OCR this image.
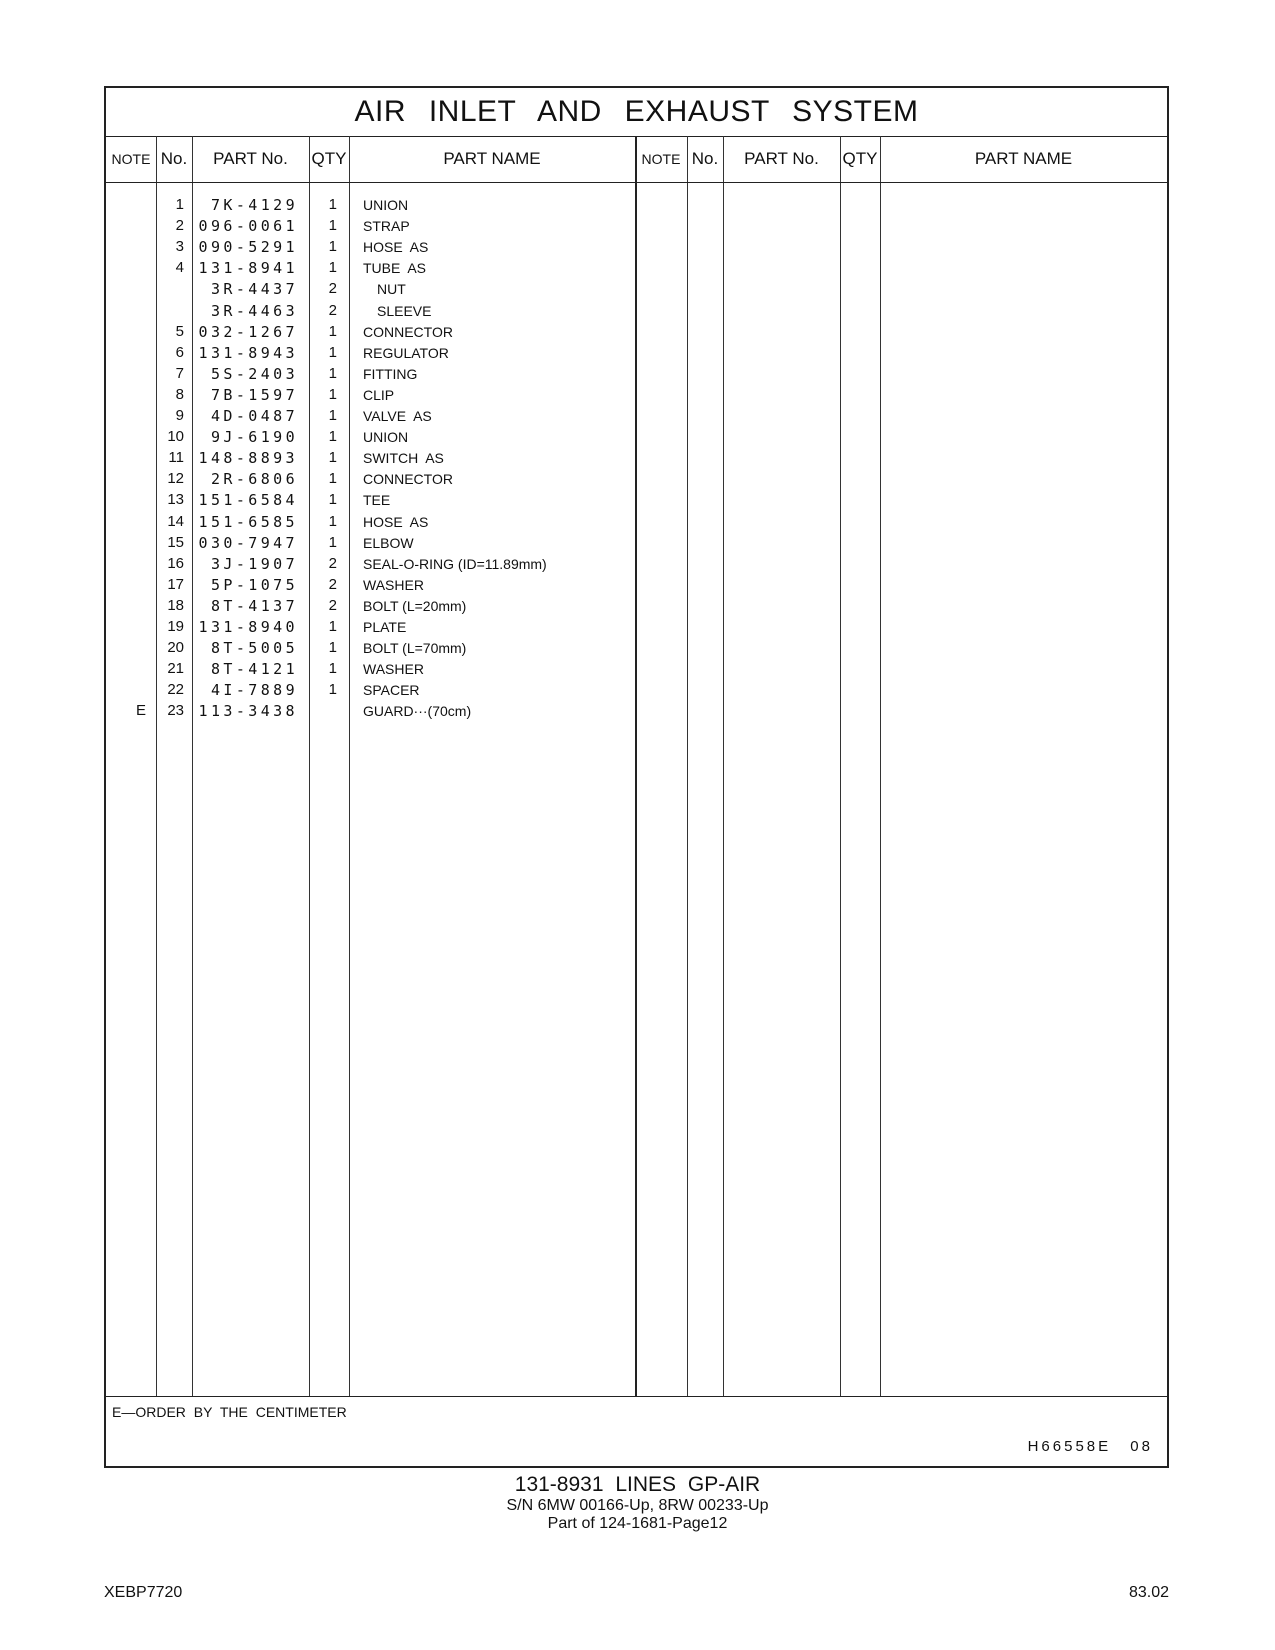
AIR INLET AND EXHAUST SYSTEM
NOTE No.	PART No.	QTY	PART NAME	NOTE No.	PART No.	QTY	PART NAME
1	7K-4129	1 UNION
2 096-0061	1 STRAP
3 090-5291	1 HOSE  AS
4 131-8941	1 TUBE  AS
3R-4437	2	NUT
3R-4463	2	SLEEVE
5 032-1267	1 CONNECTOR
6 131-8943	1 REGULATOR
7	5S-2403	1 FITTING
8	7B-1597	1 CLIP
9	4D-0487	1 VALVE  AS
10	9J-6190	1 UNION
11 148-8893	1 SWITCH  AS
12	2R-6806	1 CONNECTOR
13 151-6584	1 TEE
14 151-6585	1 HOSE  AS
15 030-7947	1 ELBOW
16	3J-1907	2 SEAL-O-RING (ID=11.89mm)
17	5P-1075	2 WASHER
18	8T-4137	2 BOLT (L=20mm)
19 131-8940	1 PLATE
20	8T-5005	1 BOLT (L=70mm)
21	8T-4121	1 WASHER
22	4I-7889	1 SPACER
E	23 113-3438	GUARD···(70cm)
E—ORDER BY THE CENTIMETER
H66558E 08
131-8931 LINES GP-AIR
S/N 6MW 00166-Up, 8RW 00233-Up
Part of 124-1681-Page12
XEBP7720	83.02
